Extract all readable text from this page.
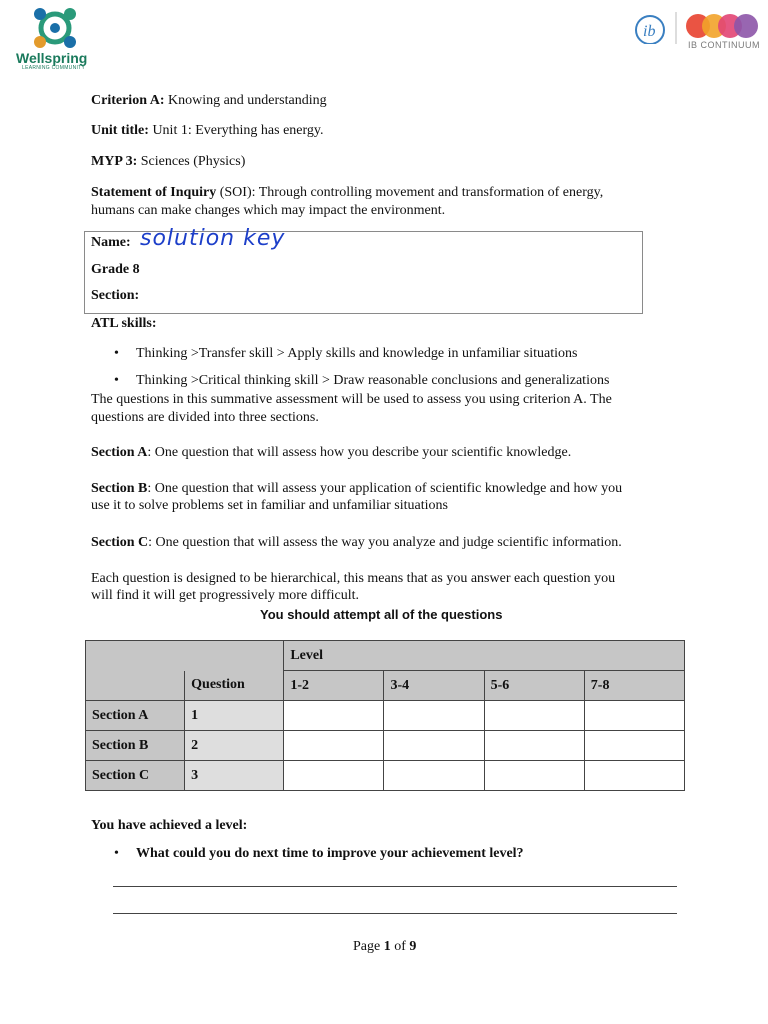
Wellspring
LEARNING COMMUNITY
ib
IB CONTINUUM

Criterion A: Knowing and understanding

Unit title: Unit 1: Everything has energy.

MYP 3: Sciences (Physics)

Statement of Inquiry (SOI): Through controlling movement and transformation of energy,

humans can make changes which may impact the environment.

Name: solution key

Grade 8

Section:

ATL skills:

• Thinking >Transfer skill > Apply skills and knowledge in unfamiliar situations

• Thinking >Critical thinking skill > Draw reasonable conclusions and generalizations

The questions in this summative assessment will be used to assess you using criterion A. The

questions are divided into three sections.

Section A: One question that will assess how you describe your scientific knowledge.

Section B: One question that will assess your application of scientific knowledge and how you

use it to solve problems set in familiar and unfamiliar situations

Section C: One question that will assess the way you analyze and judge scientific information.

Each question is designed to be hierarchical, this means that as you answer each question you

will find it will get progressively more difficult.

You should attempt all of the questions

		Level			
	Question	1-2	3-4	5-6	7-8
Section A	1				
Section B	2				
Section C	3				

You have achieved a level:

• What could you do next time to improve your achievement level?

Page 1 of 9
